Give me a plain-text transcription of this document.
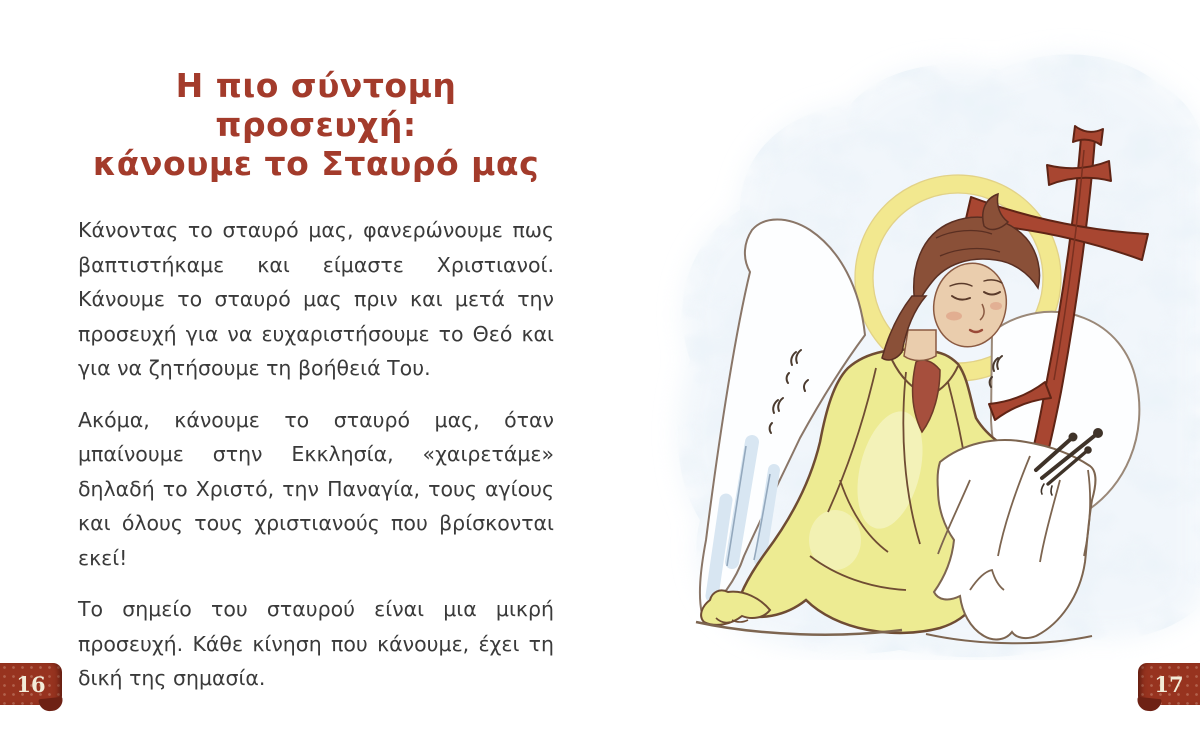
Η πιο σύντομη προσευχή:
κάνουμε το Σταυρό μας

Κάνοντας το σταυρό μας, φανερώνουμε πως βαπτιστήκαμε και είμαστε Χριστιανοί. Κάνουμε το σταυρό μας πριν και μετά την προσευχή για να ευχαριστήσουμε το Θεό και για να ζητήσουμε τη βοήθειά Του.

Ακόμα, κάνουμε το σταυρό μας, όταν μπαίνουμε στην Εκκλησία, «χαιρετάμε» δηλαδή το Χριστό, την Παναγία, τους αγίους και όλους τους χριστιανούς που βρίσκονται εκεί!

Το σημείο του σταυρού είναι μια μικρή προσευχή. Κάθε κίνηση που κάνουμε, έχει τη δική της σημασία.

16	17
